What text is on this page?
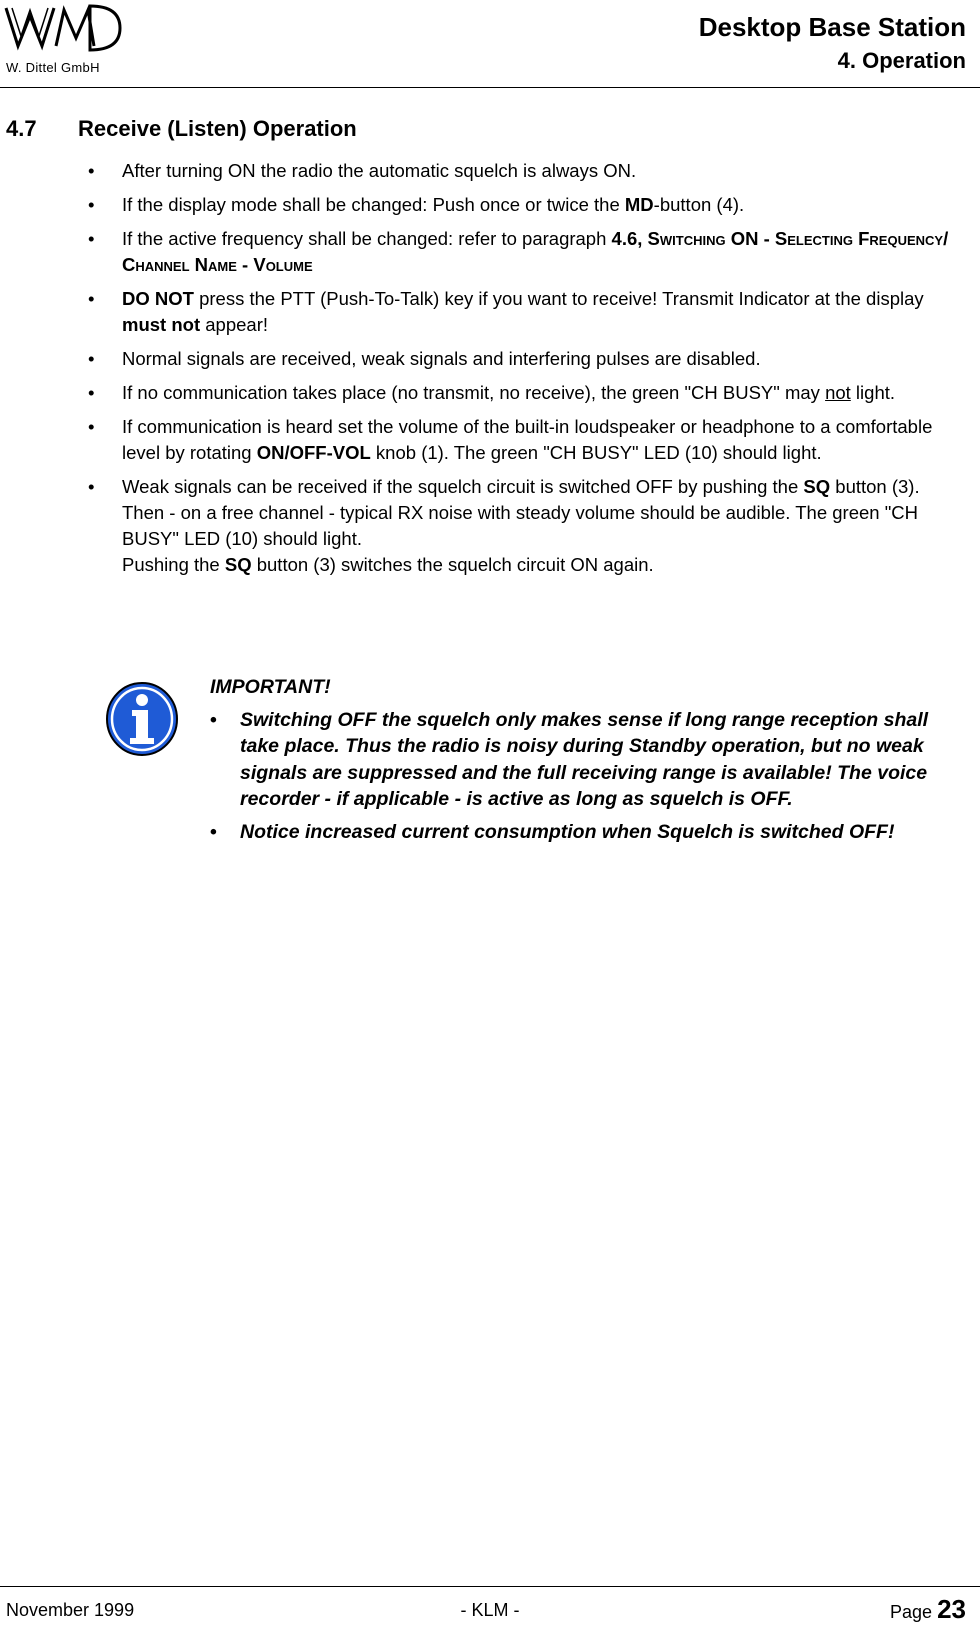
W. Dittel GmbH
Desktop Base Station
4. Operation
4.7 Receive (Listen) Operation
• After turning ON the radio the automatic squelch is always ON.
• If the display mode shall be changed: Push once or twice the MD-button (4).
• If the active frequency shall be changed: refer to paragraph 4.6, Switching ON - Selecting Frequency/ Channel Name - Volume
• DO NOT press the PTT (Push-To-Talk) key if you want to receive! Transmit Indicator at the display must not appear!
• Normal signals are received, weak signals and interfering pulses are disabled.
• If no communication takes place (no transmit, no receive), the green "CH BUSY" may not light.
• If communication is heard set the volume of the built-in loudspeaker or headphone to a comfortable level by rotating ON/OFF-VOL knob (1). The green "CH BUSY" LED (10) should light.
• Weak signals can be received if the squelch circuit is switched OFF by pushing the SQ button (3). Then - on a free channel - typical RX noise with steady volume should be audible. The green "CH BUSY" LED (10) should light.
Pushing the SQ button (3) switches the squelch circuit ON again.
IMPORTANT!
• Switching OFF the squelch only makes sense if long range reception shall take place. Thus the radio is noisy during Standby operation, but no weak signals are suppressed and the full receiving range is available! The voice recorder - if applicable - is active as long as squelch is OFF.
• Notice increased current consumption when Squelch is switched OFF!
- KLM -
November 1999	Page 23
